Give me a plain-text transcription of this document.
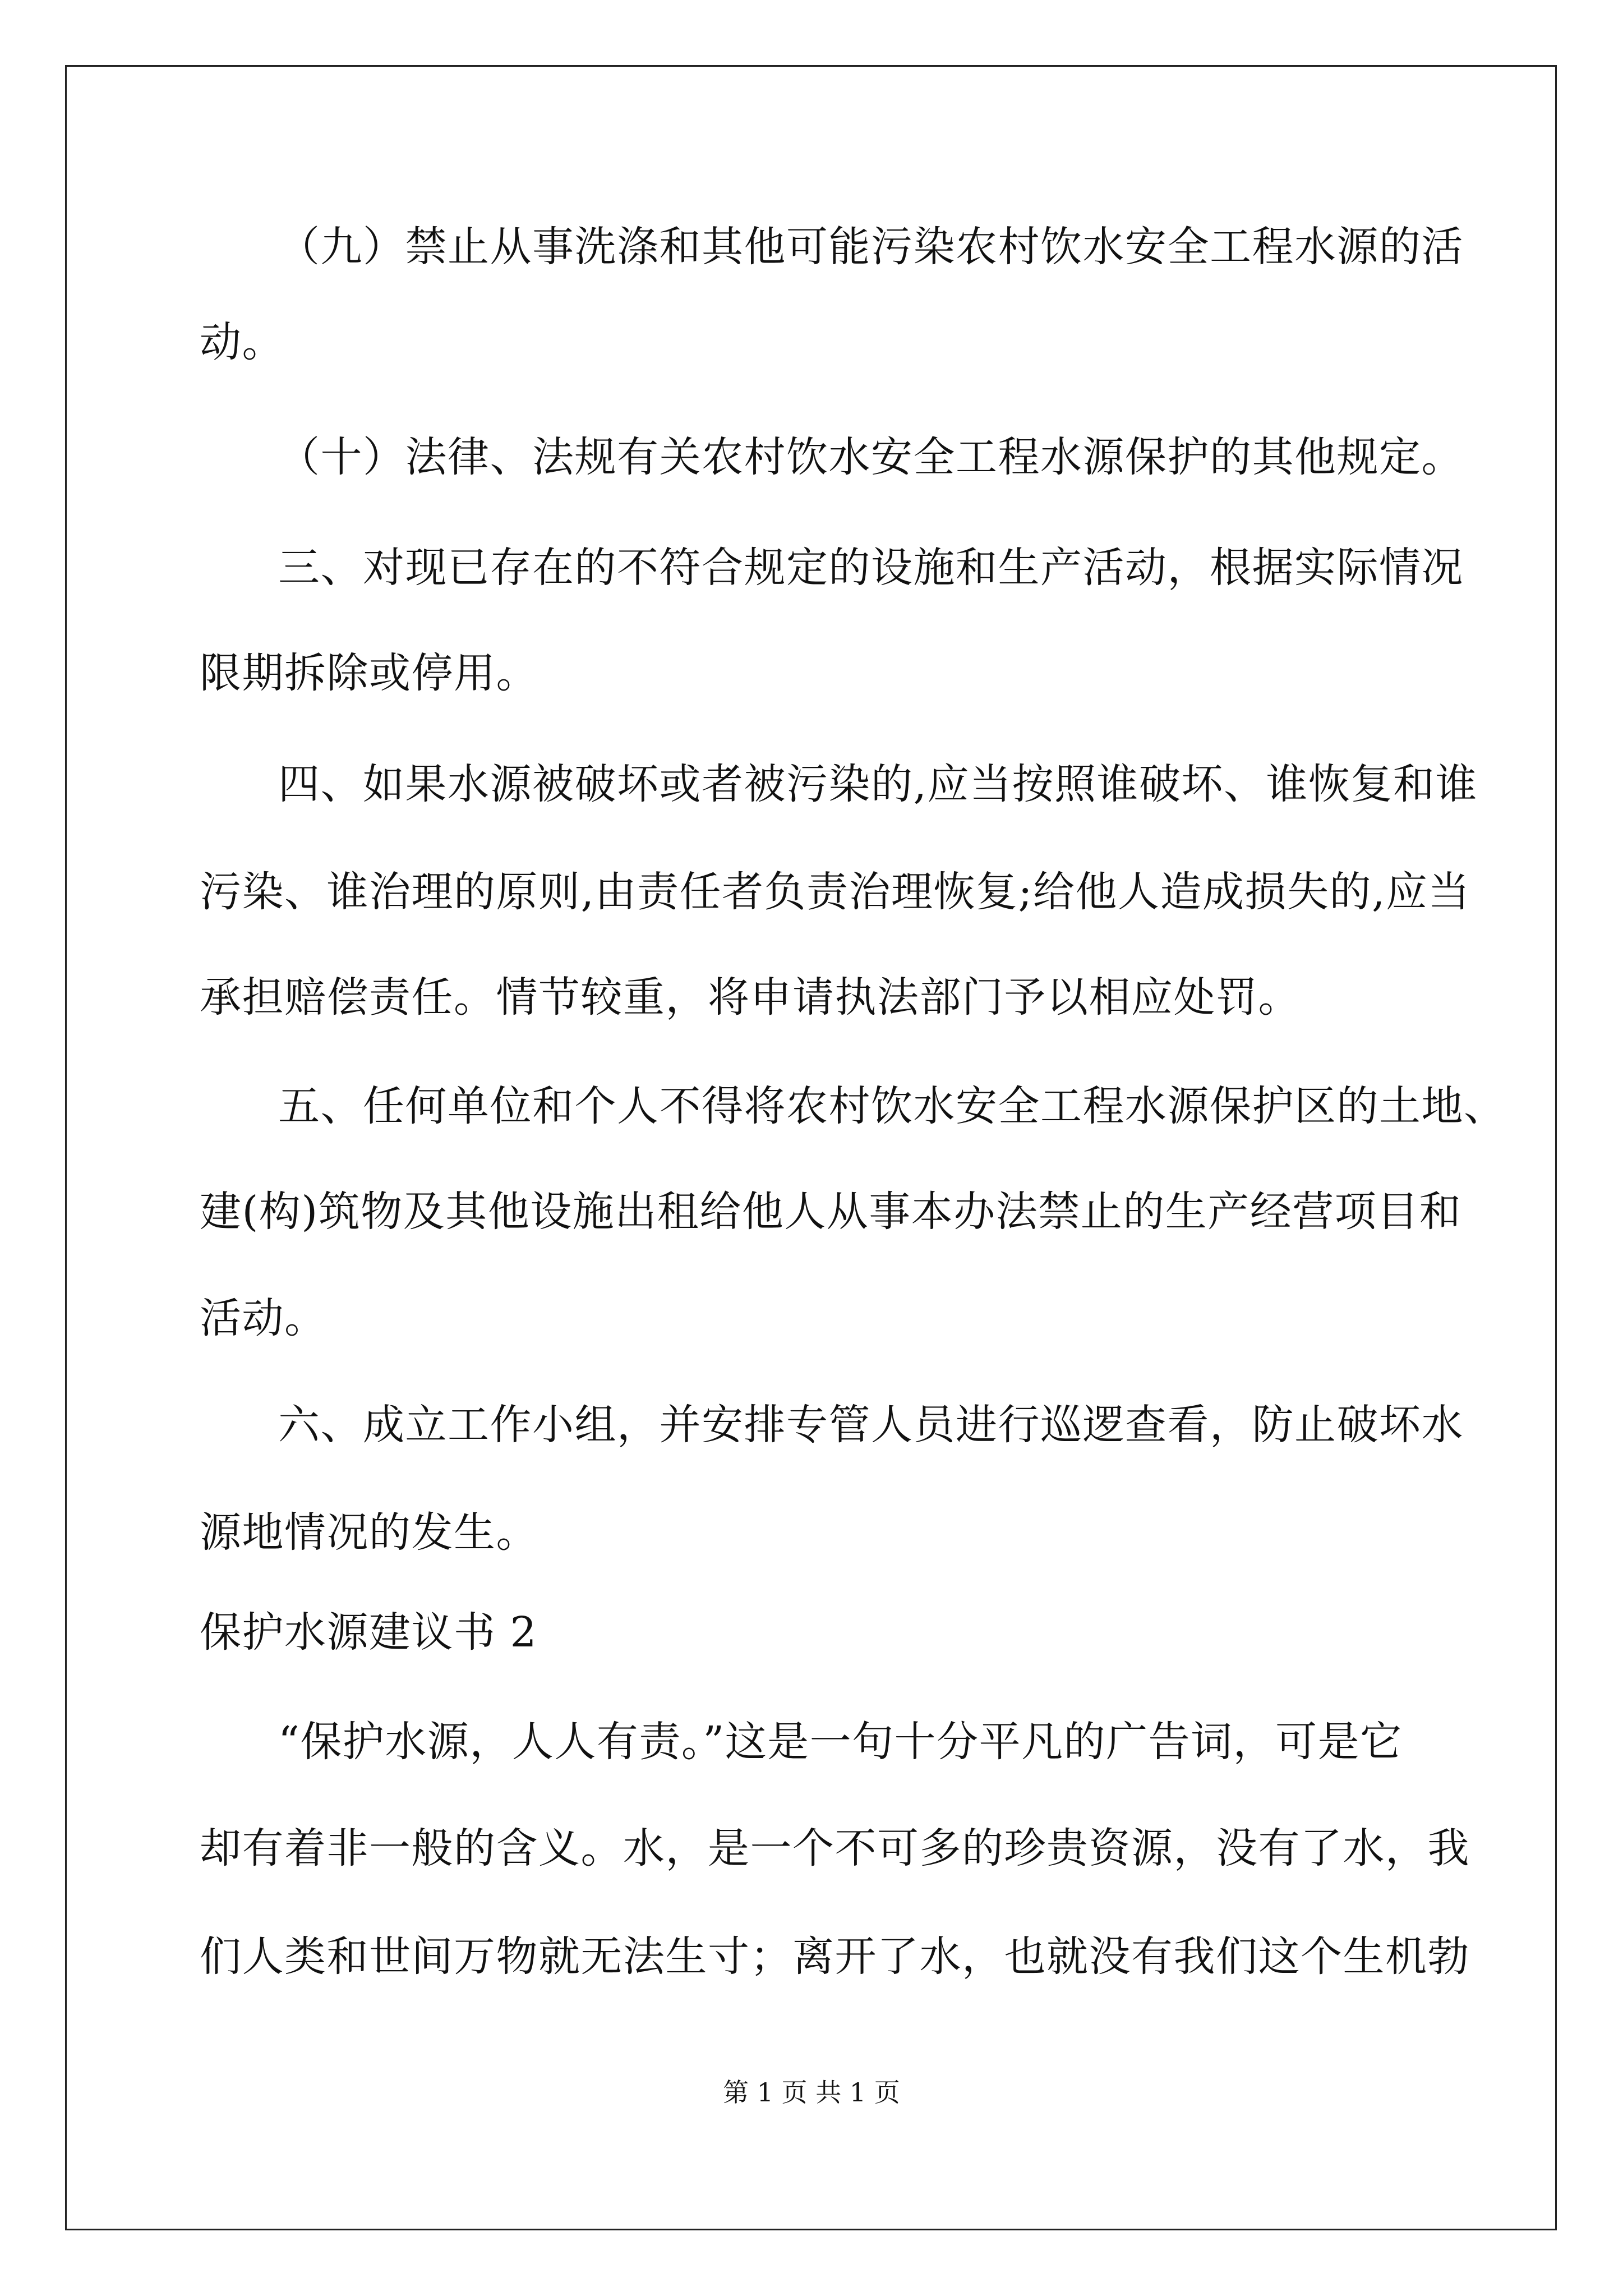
（九）禁止从事洗涤和其他可能污染农村饮水安全工程水源的活
动。
（十）法律、法规有关农村饮水安全工程水源保护的其他规定。
三、对现已存在的不符合规定的设施和生产活动，根据实际情况
限期拆除或停用。
四、如果水源被破坏或者被污染的,应当按照谁破坏、谁恢复和谁
污染、谁治理的原则,由责任者负责治理恢复;给他人造成损失的,应当
承担赔偿责任。情节较重，将申请执法部门予以相应处罚。
五、任何单位和个人不得将农村饮水安全工程水源保护区的土地、
建(构)筑物及其他设施出租给他人从事本办法禁止的生产经营项目和
活动。
六、成立工作小组，并安排专管人员进行巡逻查看，防止破坏水
源地情况的发生。
保护水源建议书 2
“保护水源，人人有责。”这是一句十分平凡的广告词，可是它
却有着非一般的含义。水，是一个不可多的珍贵资源，没有了水，我
们人类和世间万物就无法生寸；离开了水，也就没有我们这个生机勃
第 1 页 共 1 页
